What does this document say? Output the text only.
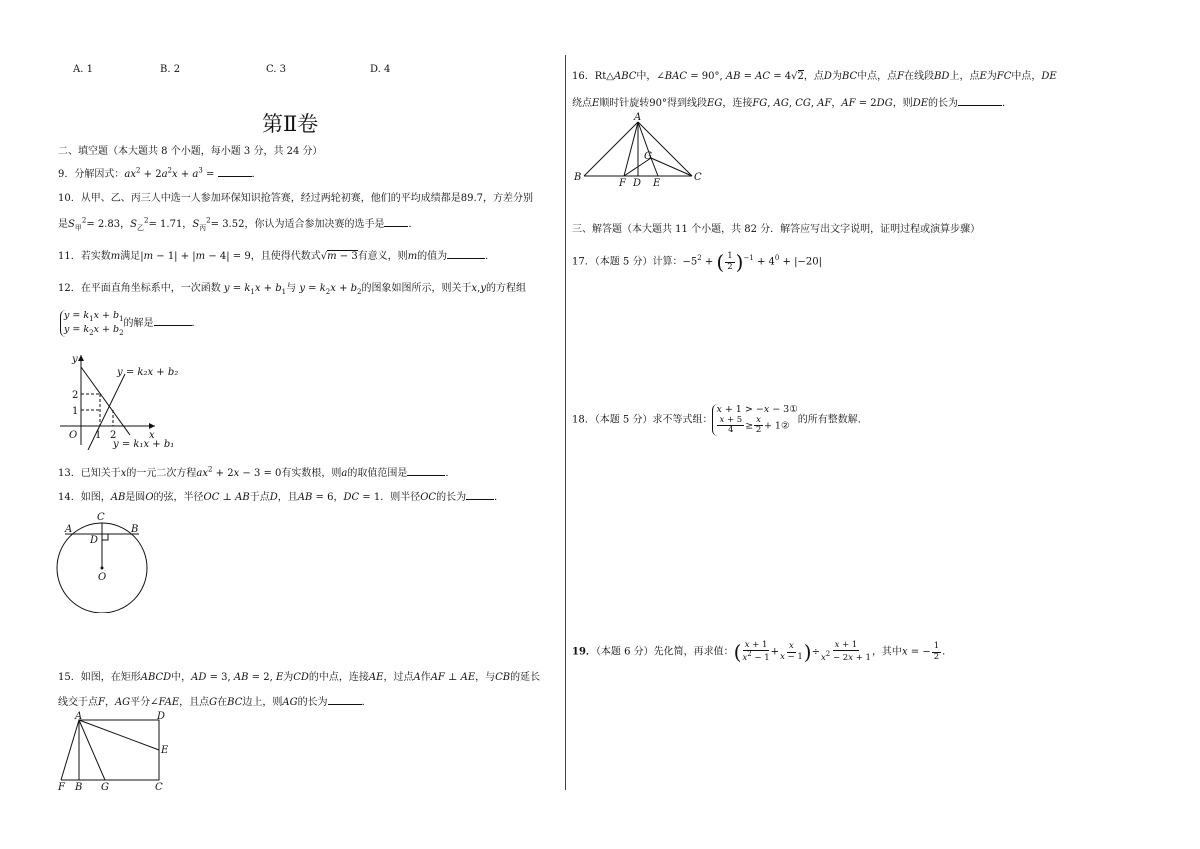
A. 1	B. 2	C. 3	D. 4
第Ⅱ卷
二、填空题（本大题共 8 个小题，每小题 3 分，共 24 分）
9．分解因式：$ax^2 + 2a^2x + a^3$ =	．
10．从甲、乙、丙三人中选一人参加环保知识抢答赛，经过两轮初赛，他们的平均成绩都是89.7，方差分别
是$S_甲^2= 2.83$，$S_乙^2= 1.71$，$S_丙^2= 3.52$，你认为适合参加决赛的选手是 ．
11．若实数m满足|m − 1| + |m − 4| = 9，且使得代数式√m − 3有意义，则m的值为	．
12．在平面直角坐标系中，一次函数 $y = k_1x + b_1$与 $y = k_2x + b_2$的图象如图所示，则关于x,y的方程组
$y = k_1x + b_1$
$y = k_2x + b_2$的解是	．
y
x
O
2
1
1 2
y = k₂x + b₂
y = k₁x + b₁
13．已知关于x的一元二次方程$ax^2 + 2x - 3 = 0$有实数根，则a的取值范围是	．
14．如图，AB是圆O的弦，半径OC ⊥ AB于点D，且AB = 6，DC = 1．则半径OC的长为	．
C
A	B
D
O
15．如图，在矩形ABCD中，AD = 3, AB = 2, E为CD的中点，连接AE，过点A作AF ⊥ AE，与CB的延长
线交于点F，AG平分∠FAE，且点G在BC边上，则AG的长为	．
A	D
E
F B G	C
16．Rt△ABC中，∠BAC = 90°, AB = AC = 4√2，点D为BC中点，点F在线段BD上，点E为FC中点，DE
绕点E顺时针旋转90°得到线段EG，连接FG, AG, CG, AF，AF = 2DG，则DE的长为	．
A
B	C
G
F D E
三、解答题（本大题共 11 个小题，共 82 分．解答应写出文字说明，证明过程或演算步骤）
17．（本题 5 分）计算：$-5^2$ + ( $\frac{1}{2} )^{-1} + 4^0 + |-20|$
18．（本题 5 分）求不等式组：x + 1 > −x − 3①

$\frac{x + 5}{4} \ge \frac{x}{2}$ + 1②的所有整数解．
19．（本题 6 分）先化简，再求值：( $\frac{x + 1}{x^2 - 1} + \frac{x}{x - 1}$ )÷ $\frac{x + 1}{x^2 - 2x + 1}$ ，其中x = − $\frac{1}{2}$ ．
